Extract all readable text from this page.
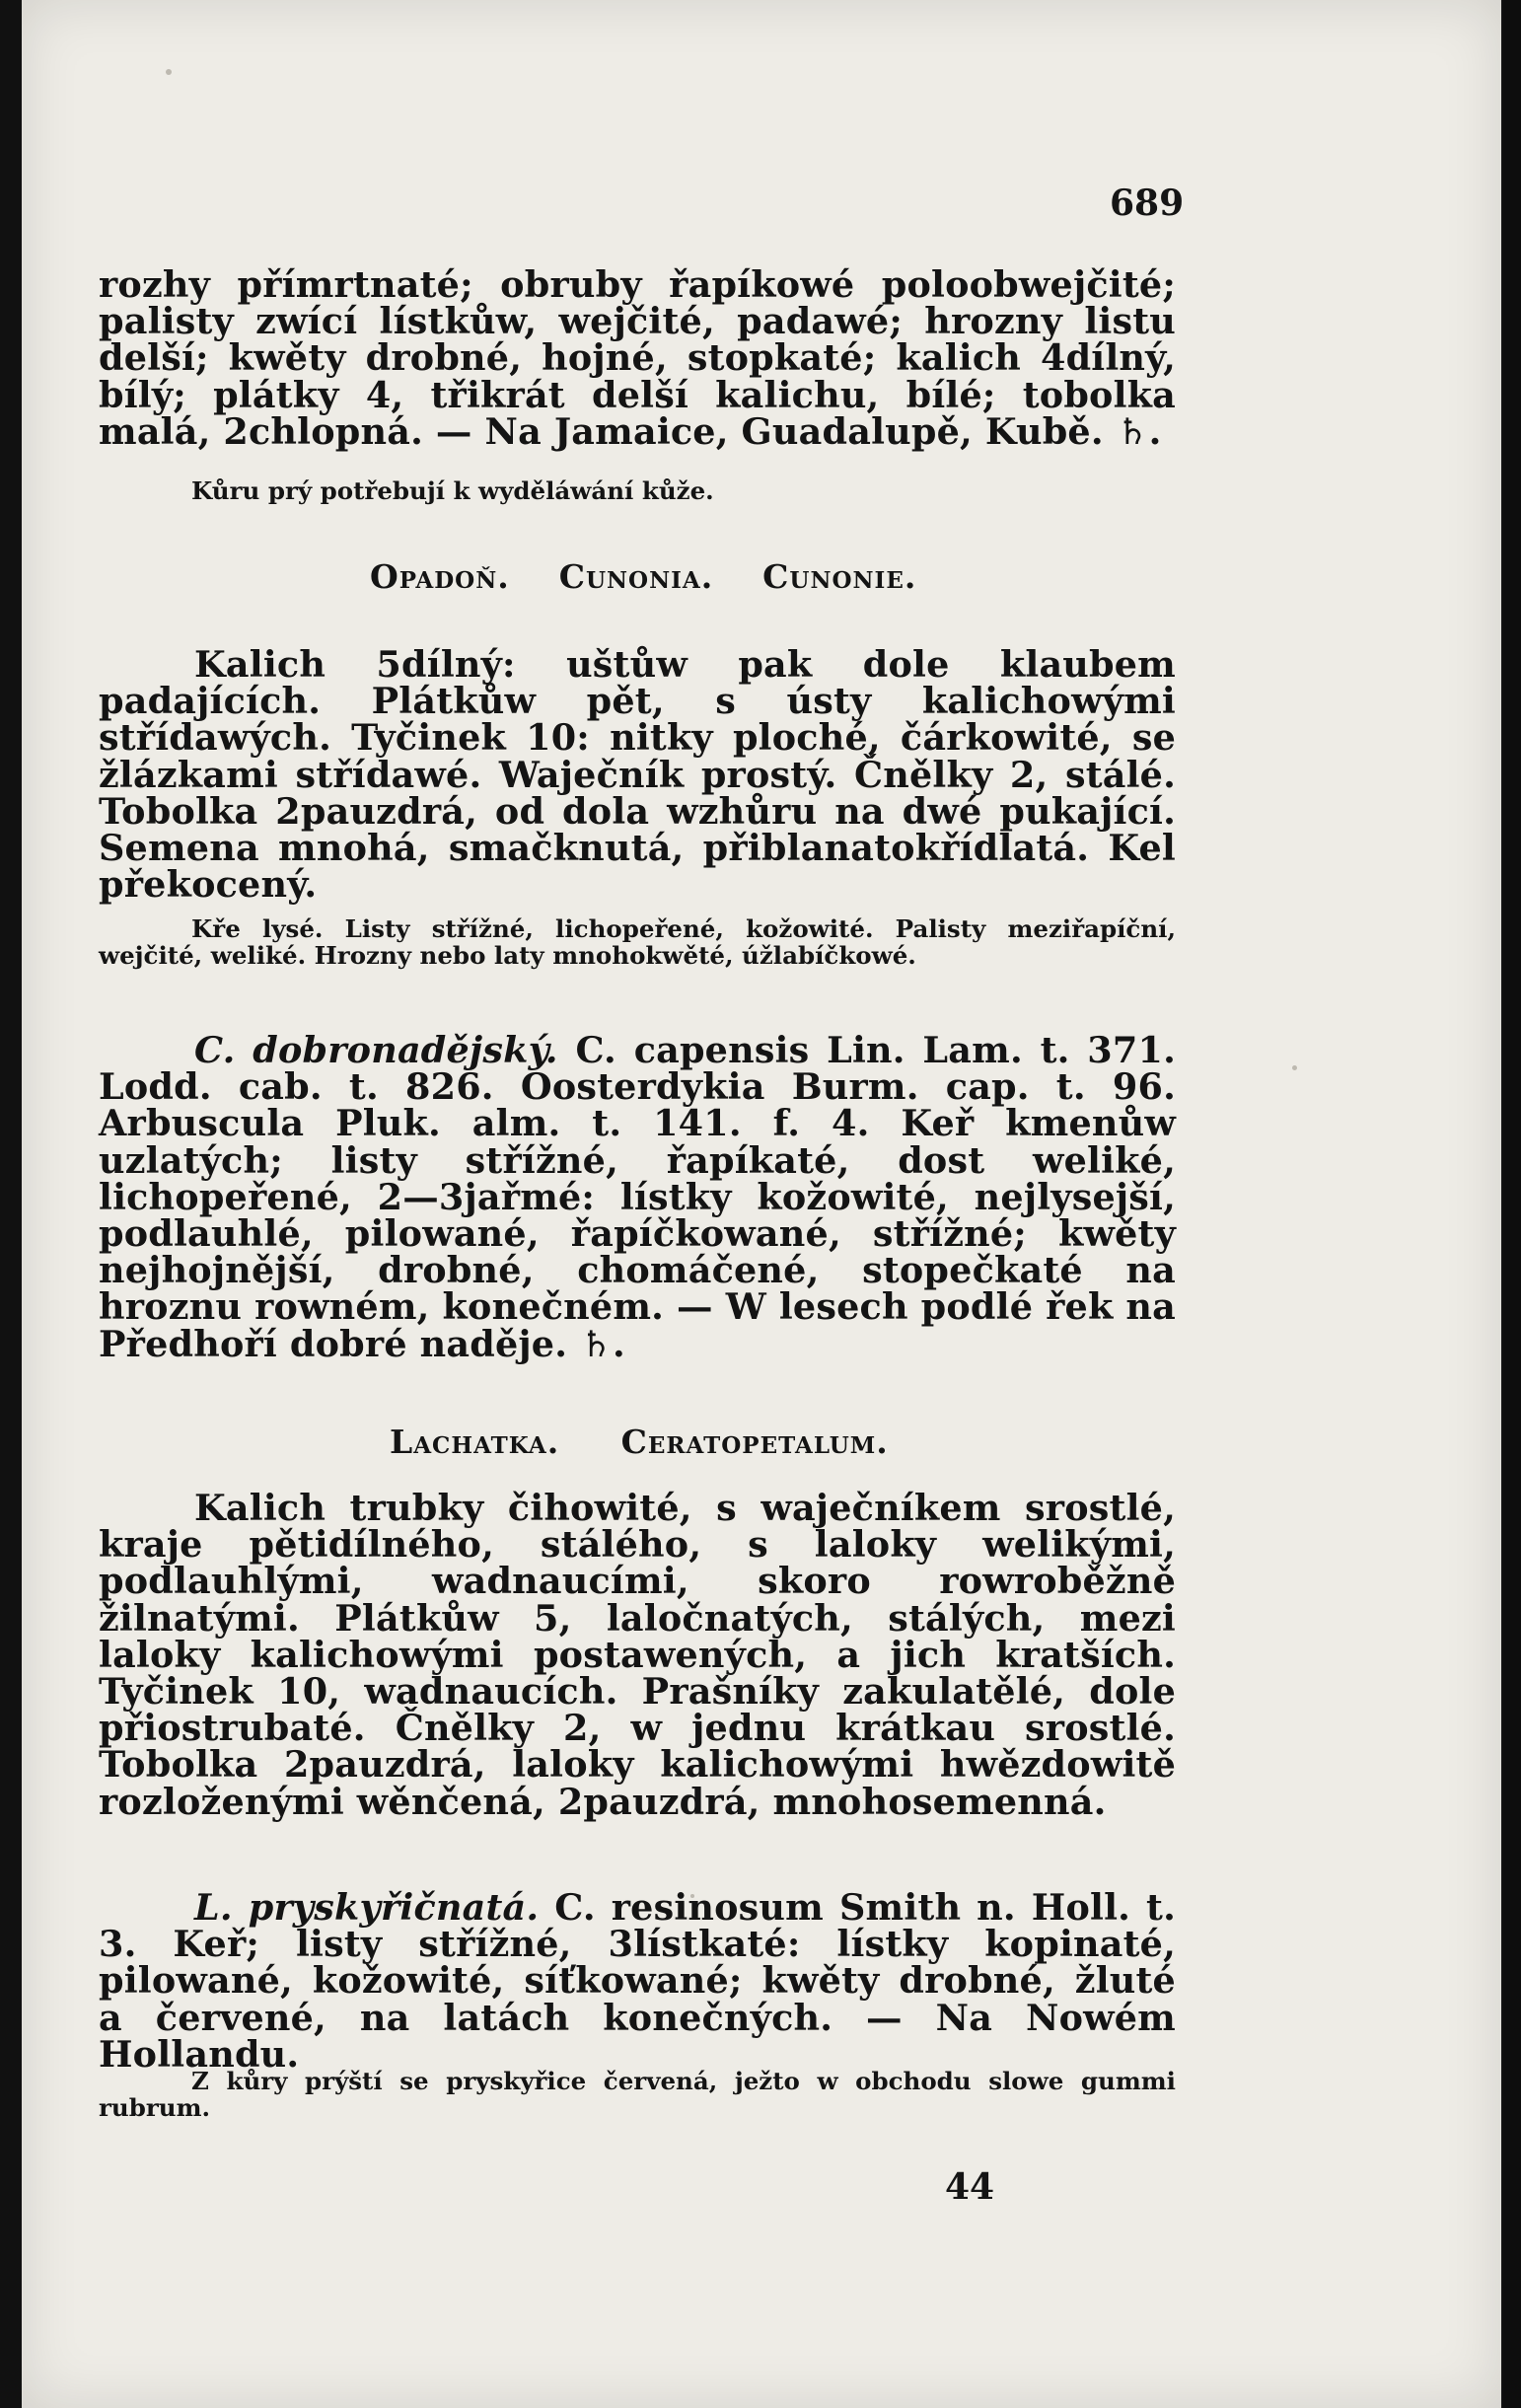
689

rozhy přímrtnaté; obruby řapíkowé poloobwejčité; palisty zwící lístkůw, wejčité, padawé; hrozny listu delší; kwěty drobné, hojné, stopkaté; kalich 4dílný, bílý; plátky 4, třikrát delší kalichu, bílé; tobolka malá, 2chlopná. — Na Jamaice, Guadalupě, Kubě. ♄.

Kůru prý potřebují k wyděláwání kůže.

Opadoň. Cunonia. Cunonie.

Kalich 5dílný: uštůw pak dole klaubem padajících. Plátkůw pět, s ústy kalichowými střídawých. Tyčinek 10: nitky ploché, čárkowité, se žlázkami střídawé. Waječník prostý. Čnělky 2, stálé. Tobolka 2pauzdrá, od dola wzhůru na dwé pukající. Semena mnohá, smačknutá, přiblanatokřídlatá. Kel překocený.

Kře lysé. Listy střížné, lichopeřené, kožowité. Palisty meziřapíční, wejčité, weliké. Hrozny nebo laty mnohokwěté, úžlabíčkowé.

C. dobronadějský. C. capensis Lin. Lam. t. 371. Lodd. cab. t. 826. Oosterdykia Burm. cap. t. 96. Arbuscula Pluk. alm. t. 141. f. 4. Keř kmenůw uzlatých; listy střížné, řapíkaté, dost weliké, lichopeřené, 2—3jařmé: lístky kožowité, nejlysejší, podlauhlé, pilowané, řapíčkowané, střížné; kwěty nejhojnější, drobné, chomáčené, stopečkaté na hroznu rowném, konečném. — W lesech podlé řek na Předhoří dobré naděje. ♄.

Lachatka. Ceratopetalum.

Kalich trubky čihowité, s waječníkem srostlé, kraje pětidílného, stálého, s laloky welikými, podlauhlými, wadnaucími, skoro rowroběžně žilnatými. Plátkůw 5, laločnatých, stálých, mezi laloky kalichowými postawených, a jich kratších. Tyčinek 10, wadnaucích. Prašníky zakulatělé, dole přiostrubaté. Čnělky 2, w jednu krátkau srostlé. Tobolka 2pauzdrá, laloky kalichowými hwězdowitě rozloženými wěnčená, 2pauzdrá, mnohosemenná.

L. pryskyřičnatá. C. resinosum Smith n. Holl. t. 3. Keř; listy střížné, 3lístkaté: lístky kopinaté, pilowané, kožowité, síťkowané; kwěty drobné, žluté a červené, na latách konečných. — Na Nowém Hollandu.

Z kůry prýští se pryskyřice červená, ježto w obchodu slowe gummi rubrum.

44
